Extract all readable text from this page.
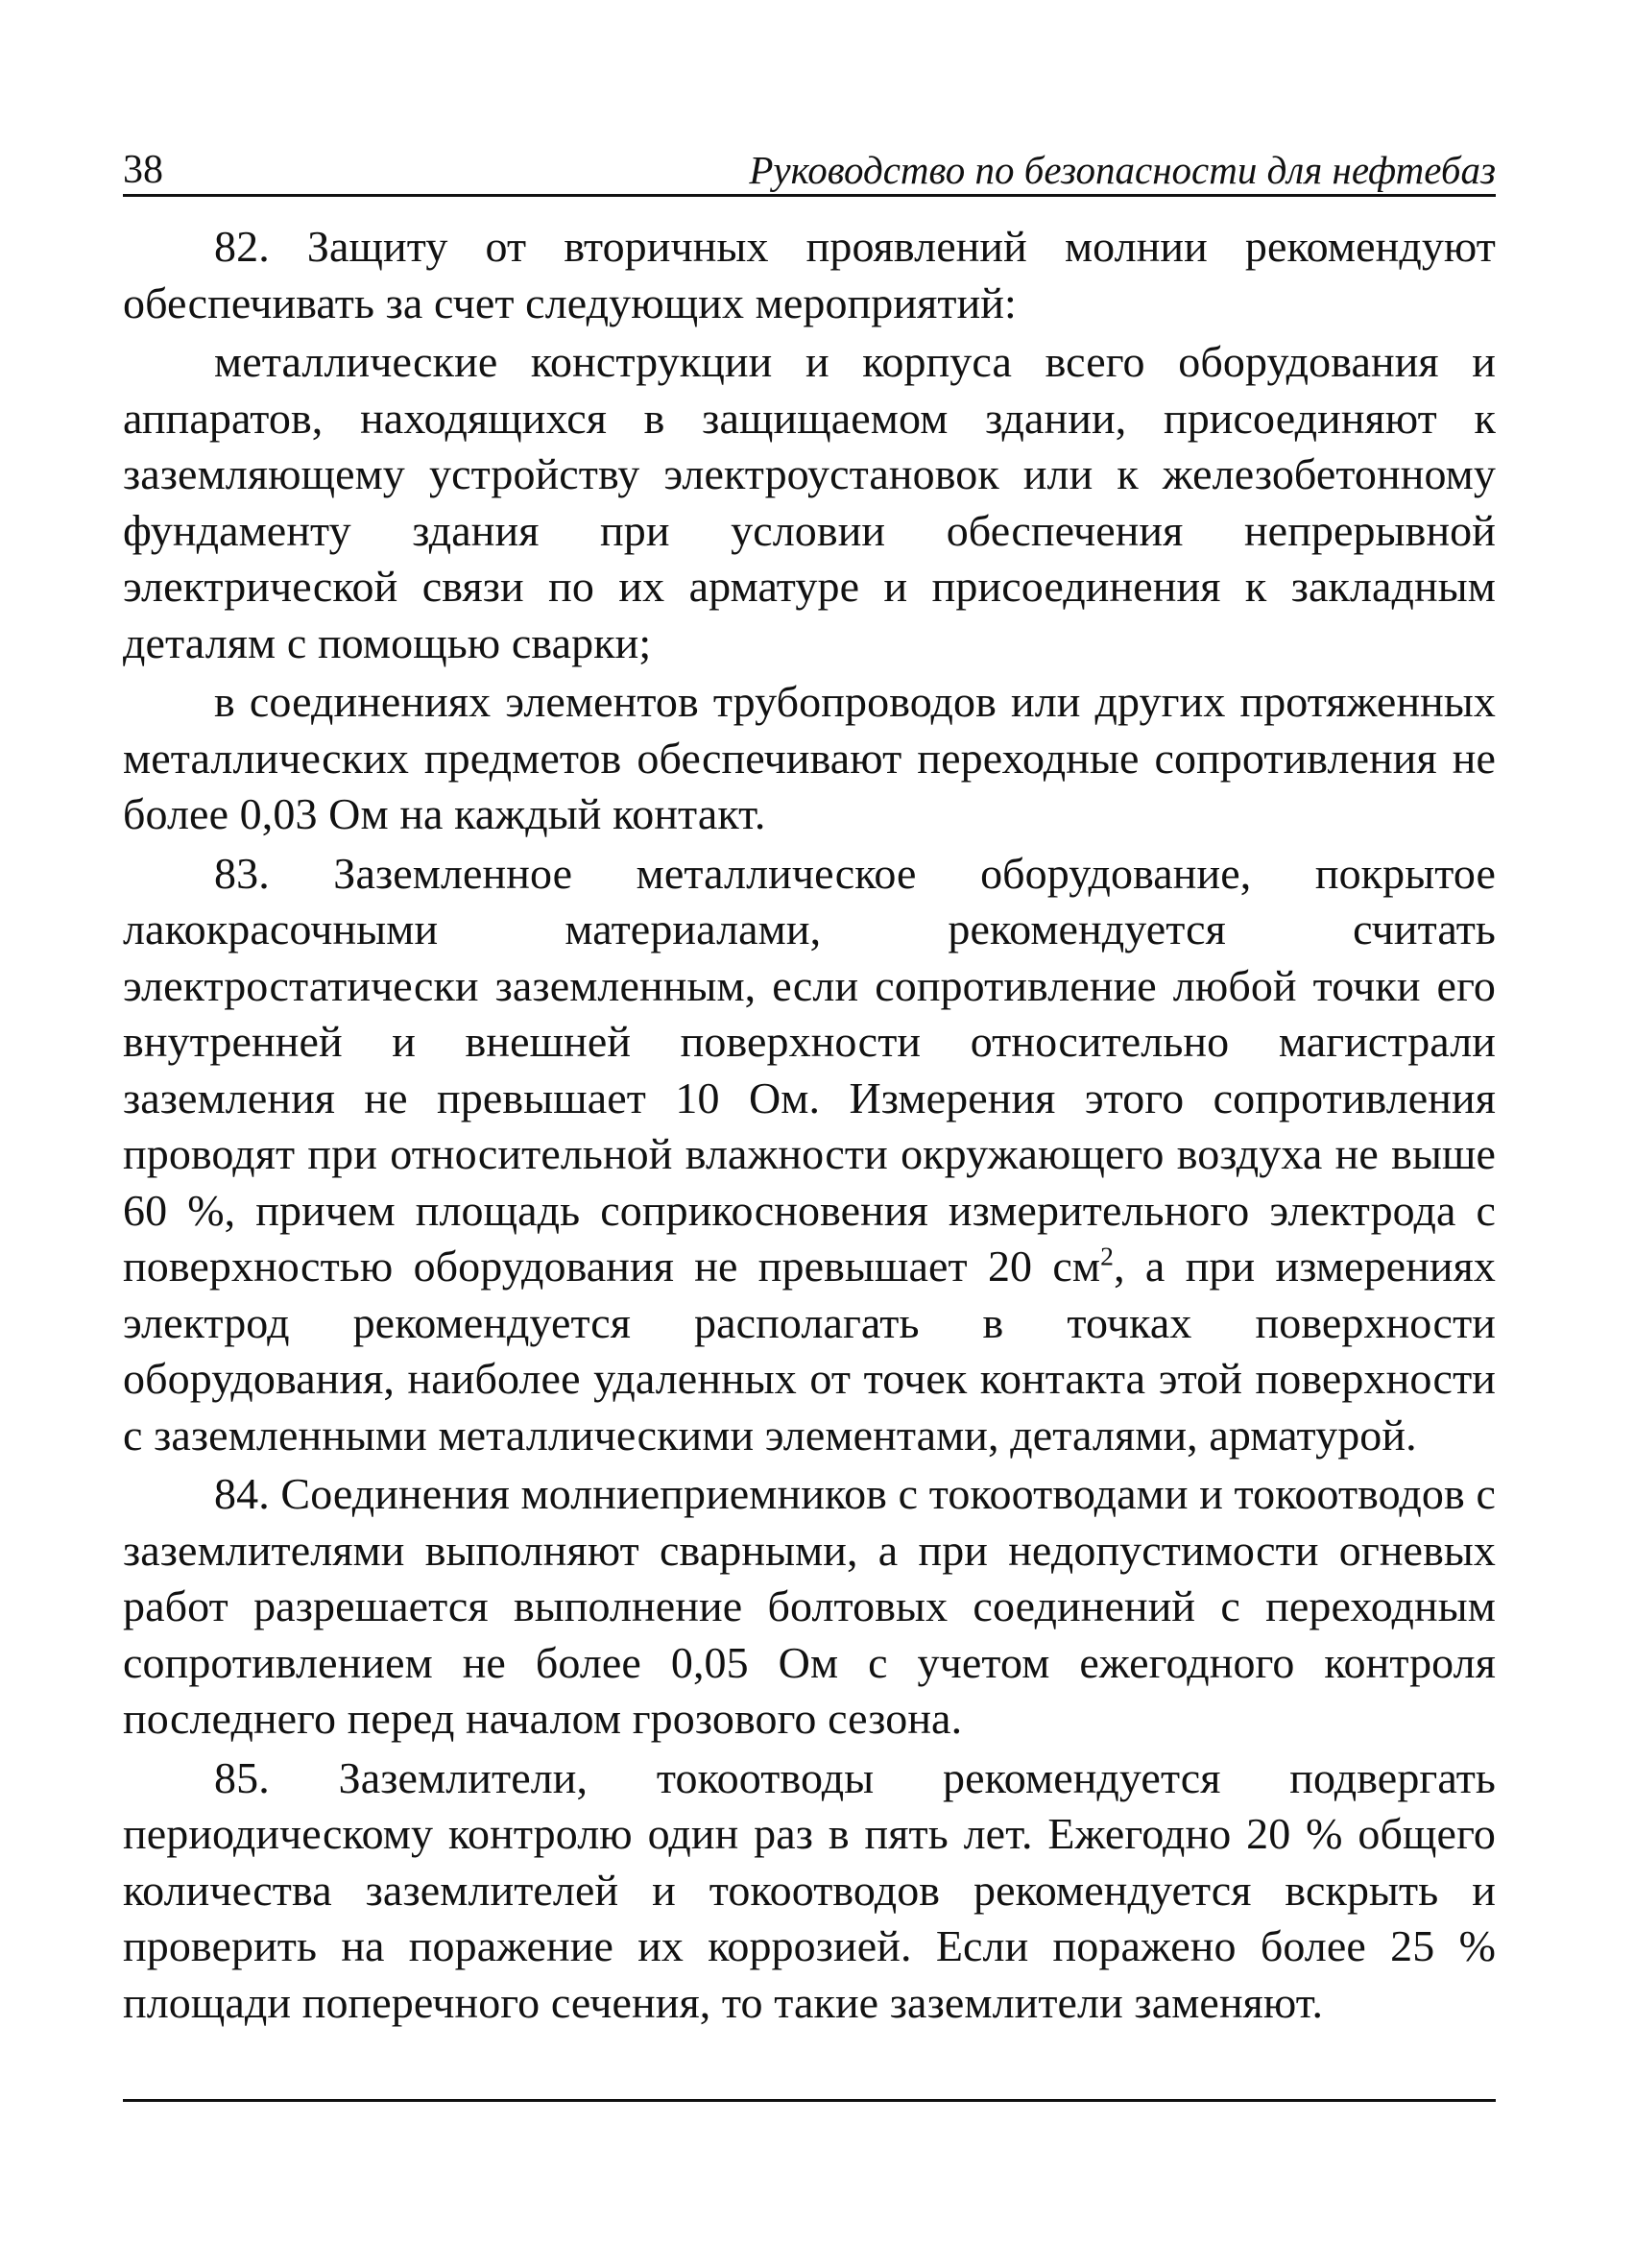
38	Руководство по безопасности для нефтебаз

82. Защиту от вторичных проявлений молнии рекомендуют обеспечивать за счет следующих мероприятий:

металлические конструкции и корпуса всего оборудования и аппаратов, находящихся в защищаемом здании, присоединяют к заземляющему устройству электроустановок или к железобетонному фундаменту здания при условии обеспечения непрерывной электрической связи по их арматуре и присоединения к закладным деталям с помощью сварки;

в соединениях элементов трубопроводов или других протяженных металлических предметов обеспечивают переходные сопротивления не более 0,03 Ом на каждый контакт.

83. Заземленное металлическое оборудование, покрытое лакокрасочными материалами, рекомендуется считать электростатически заземленным, если сопротивление любой точки его внутренней и внешней поверхности относительно магистрали заземления не превышает 10 Ом. Измерения этого сопротивления проводят при относительной влажности окружающего воздуха не выше 60 %, причем площадь соприкосновения измерительного электрода с поверхностью оборудования не превышает 20 $см^2$, а при измерениях электрод рекомендуется располагать в точках поверхности оборудования, наиболее удаленных от точек контакта этой поверхности с заземленными металлическими элементами, деталями, арматурой.

84. Соединения молниеприемников с токоотводами и токоотводов с заземлителями выполняют сварными, а при недопустимости огневых работ разрешается выполнение болтовых соединений с переходным сопротивлением не более 0,05 Ом с учетом ежегодного контроля последнего перед началом грозового сезона.

85. Заземлители, токоотводы рекомендуется подвергать периодическому контролю один раз в пять лет. Ежегодно 20 % общего количества заземлителей и токоотводов рекомендуется вскрыть и проверить на поражение их коррозией. Если поражено более 25 % площади поперечного сечения, то такие заземлители заменяют.
